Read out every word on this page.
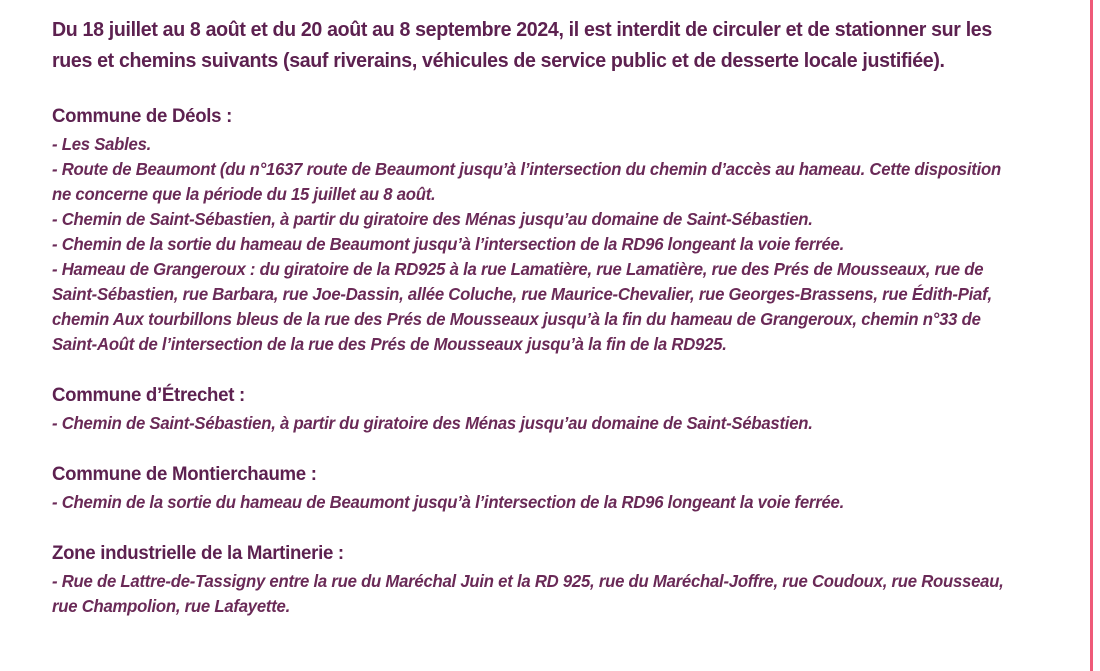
Du 18 juillet au 8 août et du 20 août au 8 septembre 2024, il est interdit de circuler et de stationner sur les rues et chemins suivants (sauf riverains, véhicules de service public et de desserte locale justifiée).

Commune de Déols :

- Les Sables.
- Route de Beaumont (du n°1637 route de Beaumont jusqu’à l’intersection du chemin d’accès au hameau. Cette disposition ne concerne que la période du 15 juillet au 8 août.
- Chemin de Saint-Sébastien, à partir du giratoire des Ménas jusqu’au domaine de Saint-Sébastien.
- Chemin de la sortie du hameau de Beaumont jusqu’à l’intersection de la RD96 longeant la voie ferrée.
- Hameau de Grangeroux : du giratoire de la RD925 à la rue Lamatière, rue Lamatière, rue des Prés de Mousseaux, rue de Saint-Sébastien, rue Barbara, rue Joe-Dassin, allée Coluche, rue Maurice-Chevalier, rue Georges-Brassens, rue Édith-Piaf, chemin Aux tourbillons bleus de la rue des Prés de Mousseaux jusqu’à la fin du hameau de Grangeroux, chemin n°33 de Saint-Août de l’intersection de la rue des Prés de Mousseaux jusqu’à la fin de la RD925.

Commune d’Étrechet :

- Chemin de Saint-Sébastien, à partir du giratoire des Ménas jusqu’au domaine de Saint-Sébastien.

Commune de Montierchaume :

- Chemin de la sortie du hameau de Beaumont jusqu’à l’intersection de la RD96 longeant la voie ferrée.

Zone industrielle de la Martinerie :

- Rue de Lattre-de-Tassigny entre la rue du Maréchal Juin et la RD 925, rue du Maréchal-Joffre, rue Coudoux, rue Rousseau, rue Champolion, rue Lafayette.
